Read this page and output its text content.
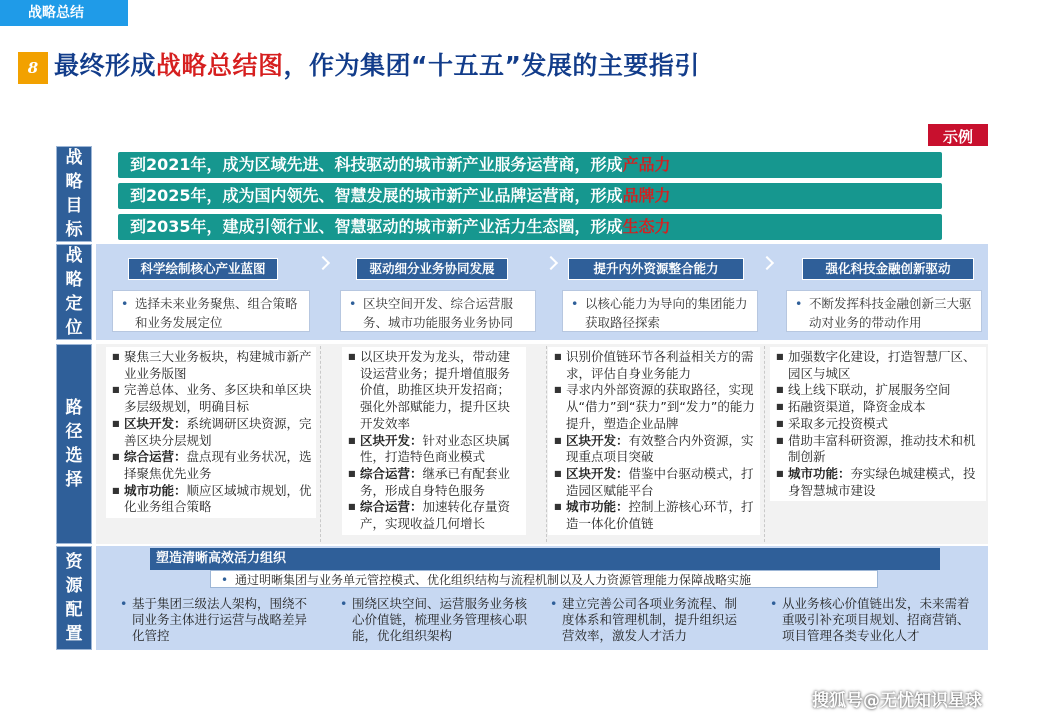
战略总结
8 最终形成战略总结图，作为集团“十五五”发展的主要指引
示例
战略目标
战略定位
路径选择
资源配置
到2021年，成为区域先进、科技驱动的城市新产业服务运营商，形成产品力
到2025年，成为国内领先、智慧发展的城市新产业品牌运营商，形成品牌力
到2035年，建成引领行业、智慧驱动的城市新产业活力生态圈，形成生态力
科学绘制核心产业蓝图
• 选择未来业务聚焦、组合策略和业务发展定位
驱动细分业务协同发展
• 区块空间开发、综合运营服务、城市功能服务业务协同
提升内外资源整合能力
• 以核心能力为导向的集团能力获取路径探索
强化科技金融创新驱动
• 不断发挥科技金融创新三大驱动对业务的带动作用
■ 聚焦三大业务板块，构建城市新产业业务版图
■ 完善总体、业务、多区块和单区块多层级规划，明确目标
■ 区块开发：系统调研区块资源，完善区块分层规划
■ 综合运营：盘点现有业务状况，选择聚焦优先业务
■ 城市功能：顺应区域城市规划，优化业务组合策略
■ 以区块开发为龙头，带动建设运营业务；提升增值服务价值，助推区块开发招商；强化外部赋能力，提升区块开发效率
■ 区块开发：针对业态区块属性，打造特色商业模式
■ 综合运营：继承已有配套业务，形成自身特色服务
■ 综合运营：加速转化存量资产，实现收益几何增长
■ 识别价值链环节各利益相关方的需求，评估自身业务能力
■ 寻求内外部资源的获取路径，实现从“借力”到“获力”到“发力”的能力提升，塑造企业品牌
■ 区块开发：有效整合内外资源，实现重点项目突破
■ 区块开发：借鉴中台驱动模式，打造园区赋能平台
■ 城市功能：控制上游核心环节，打造一体化价值链
■ 加强数字化建设，打造智慧厂区、园区与城区
■ 线上线下联动，扩展服务空间
■ 拓融资渠道，降资金成本
■ 采取多元投资模式
■ 借助丰富科研资源，推动技术和机制创新
■ 城市功能：夯实绿色城建模式，投身智慧城市建设
塑造清晰高效活力组织
• 通过明晰集团与业务单元管控模式、优化组织结构与流程机制以及人力资源管理能力保障战略实施
• 基于集团三级法人架构，围绕不同业务主体进行运营与战略差异化管控
• 围绕区块空间、运营服务业务核心价值链，梳理业务管理核心职能，优化组织架构
• 建立完善公司各项业务流程、制度体系和管理机制，提升组织运营效率，激发人才活力
• 从业务核心价值链出发，未来需着重吸引补充项目规划、招商营销、项目管理各类专业化人才
搜狐号@无忧知识星球
